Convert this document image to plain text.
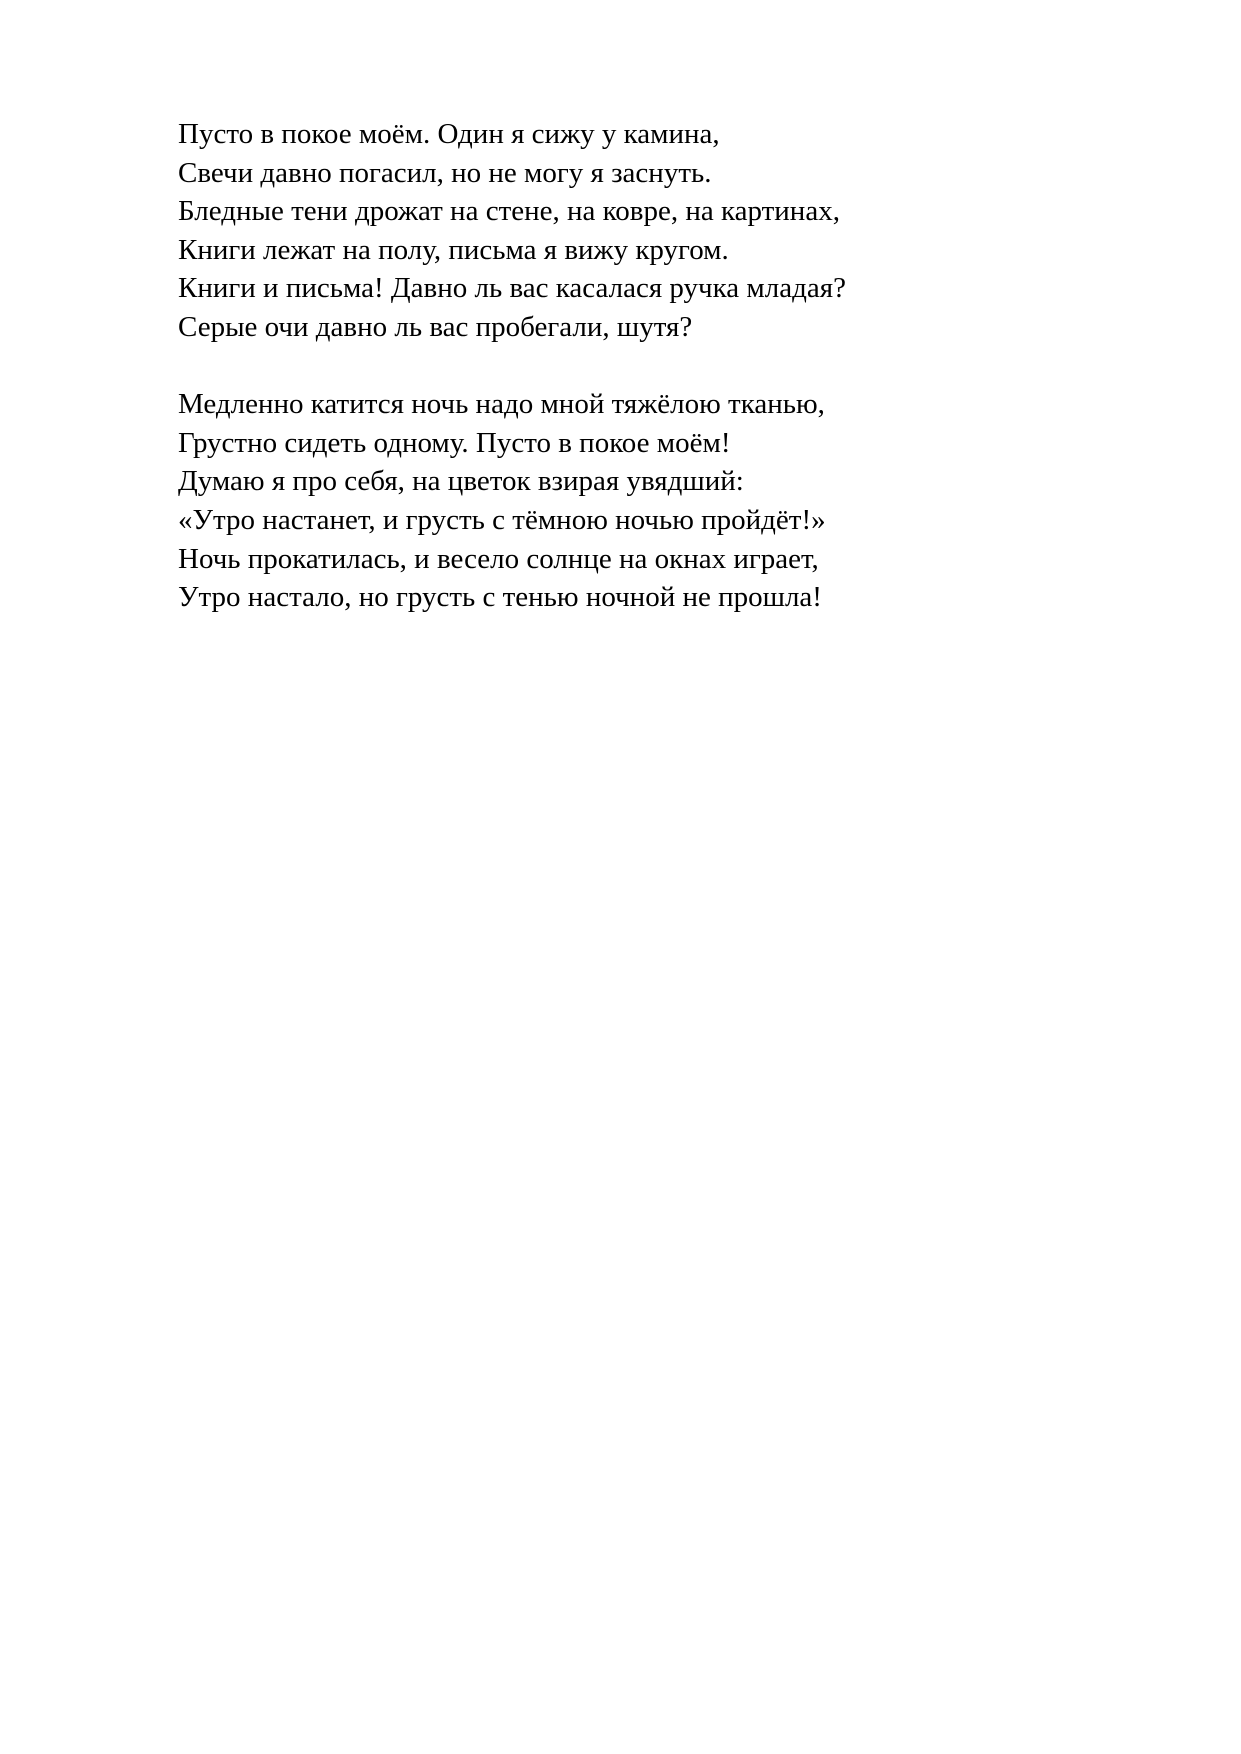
Пусто в покое моём. Один я сижу у камина,
Свечи давно погасил, но не могу я заснуть.
Бледные тени дрожат на стене, на ковре, на картинах,
Книги лежат на полу, письма я вижу кругом.
Книги и письма! Давно ль вас касалася ручка младая?
Серые очи давно ль вас пробегали, шутя?

Медленно катится ночь надо мной тяжёлою тканью,
Грустно сидеть одному. Пусто в покое моём!
Думаю я про себя, на цветок взирая увядший:
«Утро настанет, и грусть с тёмною ночью пройдёт!»
Ночь прокатилась, и весело солнце на окнах играет,
Утро настало, но грусть с тенью ночной не прошла!
